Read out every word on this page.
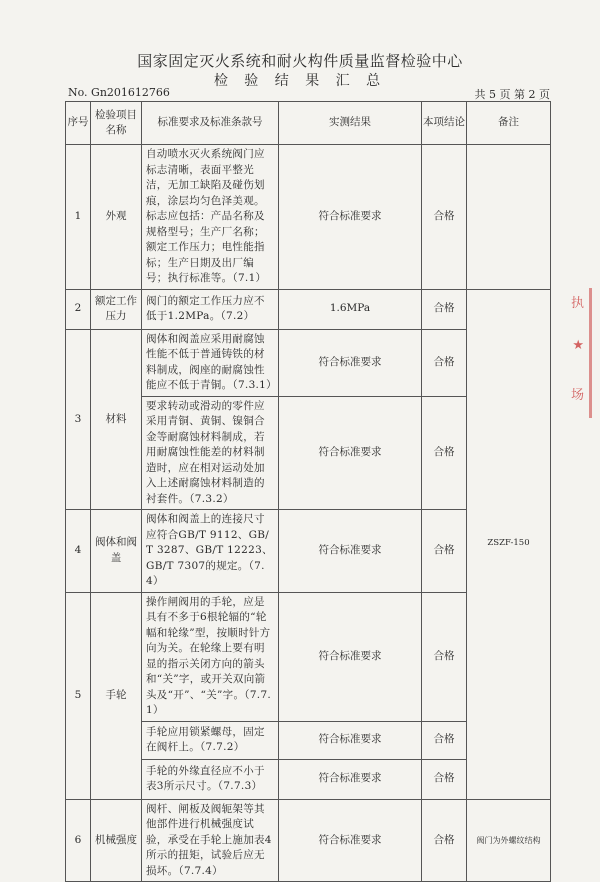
国家固定灭火系统和耐火构件质量监督检验中心
检 验 结 果 汇 总
No. Gn201612766	共 5 页 第 2 页
序号	检验项目名称	标准要求及标准条款号	实测结果	本项结论	备注
1	外观	自动喷水灭火系统阀门应标志清晰，表面平整光洁，无加工缺陷及碰伤划痕，涂层均匀色泽美观。标志应包括：产品名称及规格型号；生产厂名称；额定工作压力；电性能指标；生产日期及出厂编号；执行标准等。（7.1）	符合标准要求	合格	
2	额定工作压力	阀门的额定工作压力应不低于1.2MPa。（7.2）	1.6MPa	合格	ZSZF-150
3	材料	阀体和阀盖应采用耐腐蚀性能不低于普通铸铁的材料制成，阀座的耐腐蚀性能应不低于青铜。（7.3.1）	符合标准要求	合格	
		要求转动或滑动的零件应采用青铜、黄铜、镍铜合金等耐腐蚀材料制成，若用耐腐蚀性能差的材料制造时，应在相对运动处加入上述耐腐蚀材料制造的衬套件。（7.3.2）	符合标准要求	合格	
4	阀体和阀盖	阀体和阀盖上的连接尺寸应符合GB/T 9112、GB/T 3287、GB/T 12223、GB/T 7307的规定。（7.4）	符合标准要求	合格	
5	手轮	操作闸阀用的手轮，应是具有不多于6根轮辐的“轮幅和轮缘”型，按顺时针方向为关。在轮缘上要有明显的指示关闭方向的箭头和“关”字，或开关双向箭头及“开”、“关”字。（7.7.1）	符合标准要求	合格	
		手轮应用锁紧螺母，固定在阀杆上。（7.7.2）	符合标准要求	合格	
		手轮的外缘直径应不小于表3所示尺寸。（7.7.3）	符合标准要求	合格	
6	机械强度	阀杆、闸板及阀轭架等其他部件进行机械强度试验，承受在手轮上施加表4所示的扭矩，试验后应无损坏。（7.7.4）	符合标准要求	合格	阀门为外螺纹结构
执
★
场
